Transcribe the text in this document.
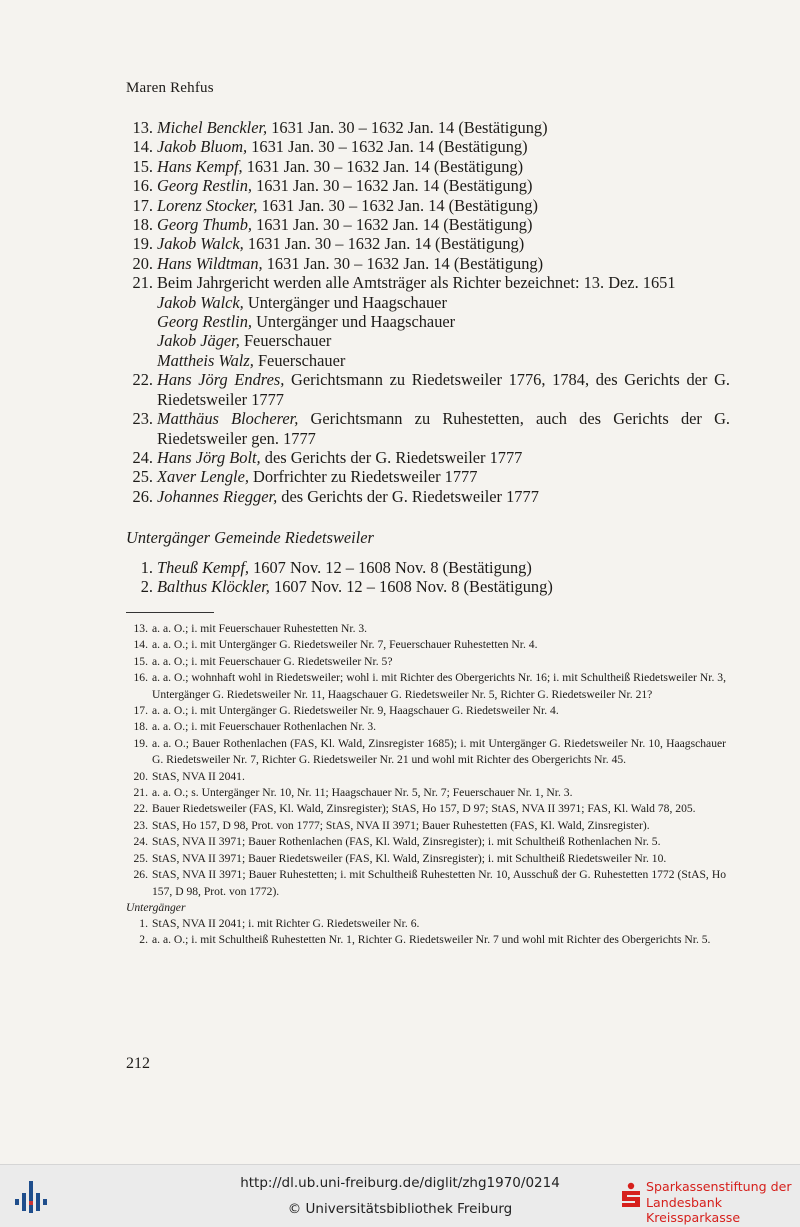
Maren Rehfus
13. Michel Benckler, 1631 Jan. 30 – 1632 Jan. 14 (Bestätigung)
14. Jakob Bluom, 1631 Jan. 30 – 1632 Jan. 14 (Bestätigung)
15. Hans Kempf, 1631 Jan. 30 – 1632 Jan. 14 (Bestätigung)
16. Georg Restlin, 1631 Jan. 30 – 1632 Jan. 14 (Bestätigung)
17. Lorenz Stocker, 1631 Jan. 30 – 1632 Jan. 14 (Bestätigung)
18. Georg Thumb, 1631 Jan. 30 – 1632 Jan. 14 (Bestätigung)
19. Jakob Walck, 1631 Jan. 30 – 1632 Jan. 14 (Bestätigung)
20. Hans Wildtman, 1631 Jan. 30 – 1632 Jan. 14 (Bestätigung)
21. Beim Jahrgericht werden alle Amtsträger als Richter bezeichnet: 13. Dez. 1651
Jakob Walck, Untergänger und Haagschauer
Georg Restlin, Untergänger und Haagschauer
Jakob Jäger, Feuerschauer
Mattheis Walz, Feuerschauer
22. Hans Jörg Endres, Gerichtsmann zu Riedetsweiler 1776, 1784, des Gerichts der G. Riedetsweiler 1777
23. Matthäus Blocherer, Gerichtsmann zu Ruhestetten, auch des Gerichts der G. Riedetsweiler gen. 1777
24. Hans Jörg Bolt, des Gerichts der G. Riedetsweiler 1777
25. Xaver Lengle, Dorfrichter zu Riedetsweiler 1777
26. Johannes Riegger, des Gerichts der G. Riedetsweiler 1777
Untergänger Gemeinde Riedetsweiler
1. Theuß Kempf, 1607 Nov. 12 – 1608 Nov. 8 (Bestätigung)
2. Balthus Klöckler, 1607 Nov. 12 – 1608 Nov. 8 (Bestätigung)
13. a. a. O.; i. mit Feuerschauer Ruhestetten Nr. 3.
14. a. a. O.; i. mit Untergänger G. Riedetsweiler Nr. 7, Feuerschauer Ruhestetten Nr. 4.
15. a. a. O.; i. mit Feuerschauer G. Riedetsweiler Nr. 5?
16. a. a. O.; wohnhaft wohl in Riedetsweiler; wohl i. mit Richter des Obergerichts Nr. 16; i. mit Schultheiß Riedetsweiler Nr. 3, Untergänger G. Riedetsweiler Nr. 11, Haagschauer G. Riedetsweiler Nr. 5, Richter G. Riedetsweiler Nr. 21?
17. a. a. O.; i. mit Untergänger G. Riedetsweiler Nr. 9, Haagschauer G. Riedetsweiler Nr. 4.
18. a. a. O.; i. mit Feuerschauer Rothenlachen Nr. 3.
19. a. a. O.; Bauer Rothenlachen (FAS, Kl. Wald, Zinsregister 1685); i. mit Untergänger G. Riedetsweiler Nr. 10, Haagschauer G. Riedetsweiler Nr. 7, Richter G. Riedetsweiler Nr. 21 und wohl mit Richter des Obergerichts Nr. 45.
20. StAS, NVA II 2041.
21. a. a. O.; s. Untergänger Nr. 10, Nr. 11; Haagschauer Nr. 5, Nr. 7; Feuerschauer Nr. 1, Nr. 3.
22. Bauer Riedetsweiler (FAS, Kl. Wald, Zinsregister); StAS, Ho 157, D 97; StAS, NVA II 3971; FAS, Kl. Wald 78, 205.
23. StAS, Ho 157, D 98, Prot. von 1777; StAS, NVA II 3971; Bauer Ruhestetten (FAS, Kl. Wald, Zinsregister).
24. StAS, NVA II 3971; Bauer Rothenlachen (FAS, Kl. Wald, Zinsregister); i. mit Schultheiß Rothenlachen Nr. 5.
25. StAS, NVA II 3971; Bauer Riedetsweiler (FAS, Kl. Wald, Zinsregister); i. mit Schultheiß Riedetsweiler Nr. 10.
26. StAS, NVA II 3971; Bauer Ruhestetten; i. mit Schultheiß Ruhestetten Nr. 10, Ausschuß der G. Ruhestetten 1772 (StAS, Ho 157, D 98, Prot. von 1772).
Untergänger
1. StAS, NVA II 2041; i. mit Richter G. Riedetsweiler Nr. 6.
2. a. a. O.; i. mit Schultheiß Ruhestetten Nr. 1, Richter G. Riedetsweiler Nr. 7 und wohl mit Richter des Obergerichts Nr. 5.
212
http://dl.ub.uni-freiburg.de/diglit/zhg1970/0214
© Universitätsbibliothek Freiburg
Sparkassenstiftung der
Landesbank Kreissparkasse
